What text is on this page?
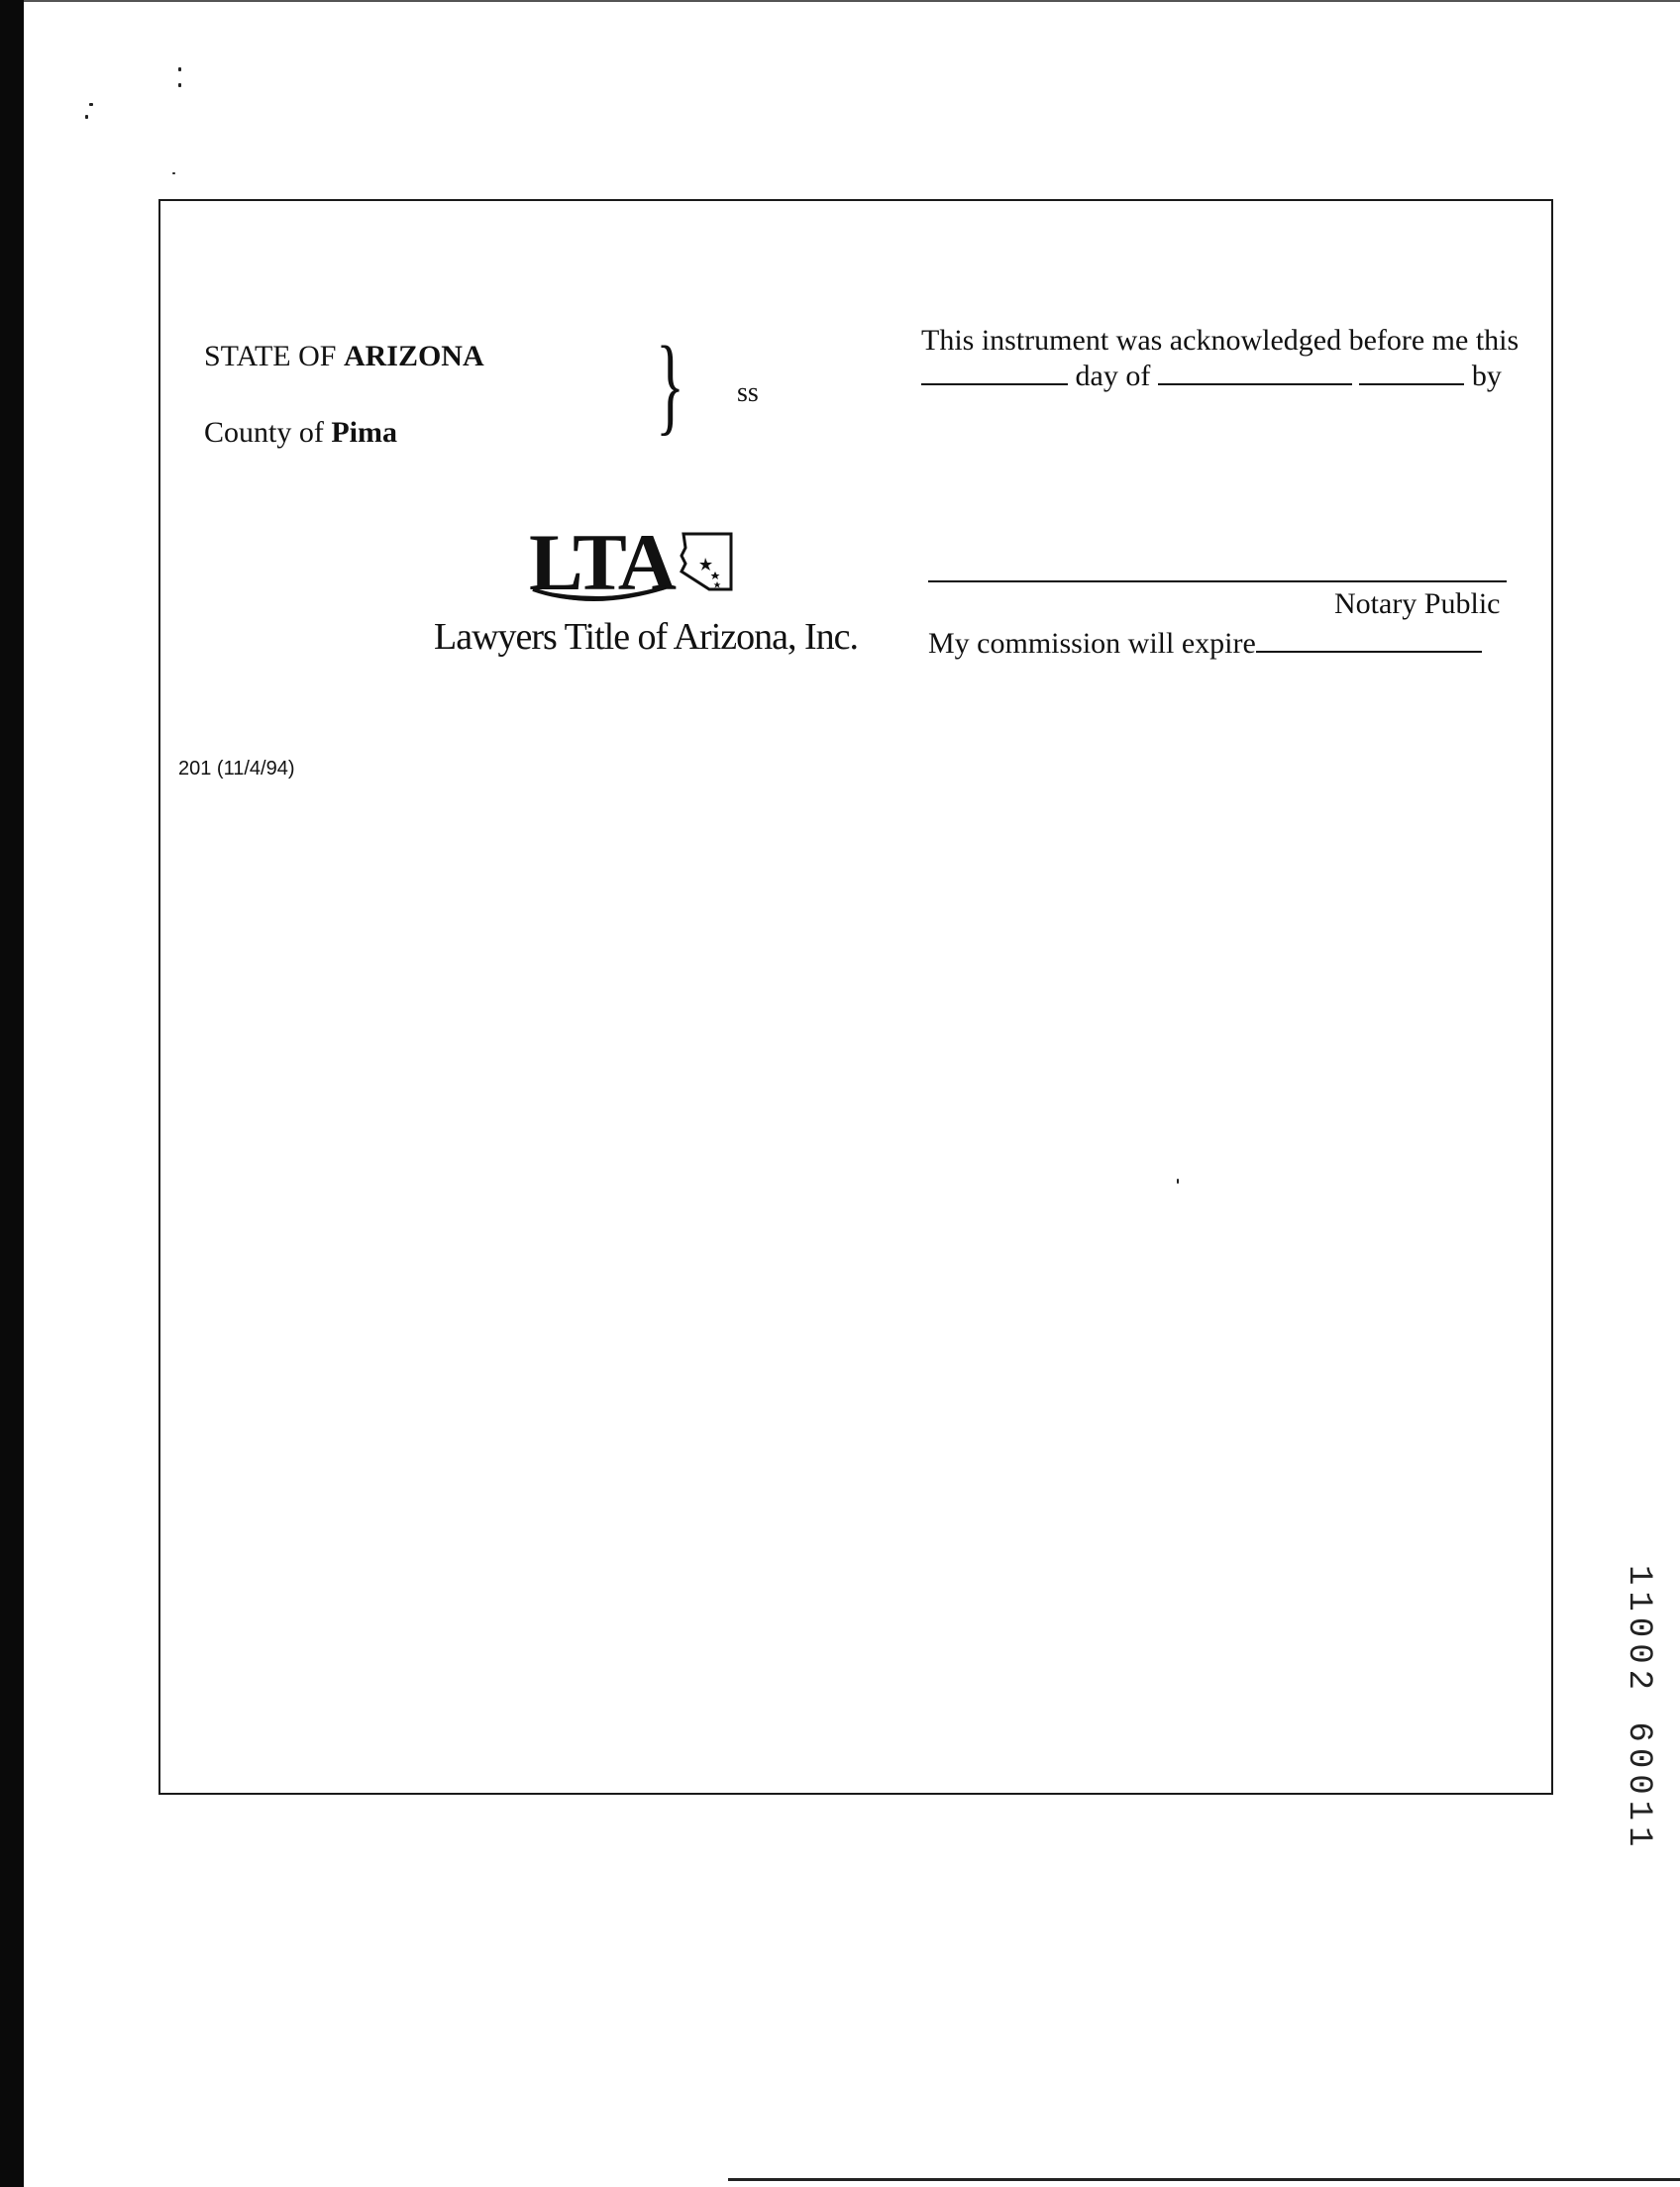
STATE OF ARIZONA
County of Pima } ss
LTA
Lawyers Title of Arizona, Inc.
201 (11/4/94)
This instrument was acknowledged before me this
day of	by
Notary Public
My commission will expire
11002 60011
